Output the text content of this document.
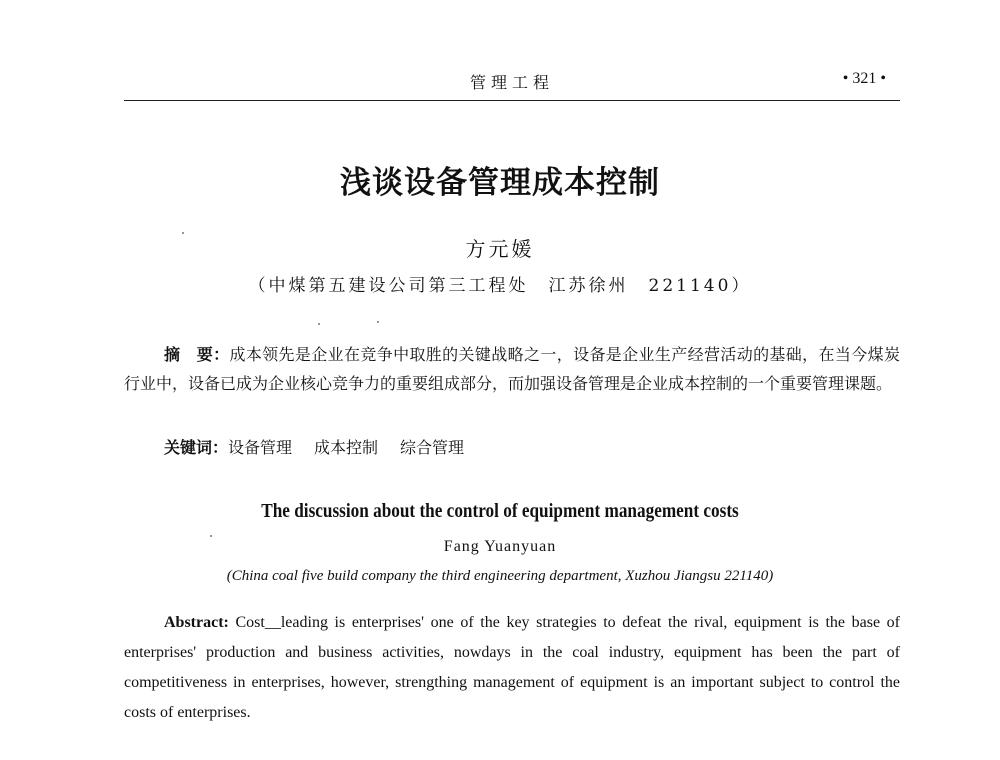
管理工程	• 321 •
浅谈设备管理成本控制
方元媛
（中煤第五建设公司第三工程处　江苏徐州　221140）
摘　要：成本领先是企业在竞争中取胜的关键战略之一，设备是企业生产经营活动的基础，在当今煤炭行业中，设备已成为企业核心竞争力的重要组成部分，而加强设备管理是企业成本控制的一个重要管理课题。
关键词：设备管理 成本控制 综合管理
The discussion about the control of equipment management costs
Fang Yuanyuan
(China coal five build company the third engineering department, Xuzhou Jiangsu 221140)
Abstract: Cost__leading is enterprises' one of the key strategies to defeat the rival, equipment is the base of enterprises' production and business activities, nowdays in the coal industry, equipment has been the part of competitiveness in enterprises, however, strengthing management of equipment is an important subject to control the costs of enterprises.
